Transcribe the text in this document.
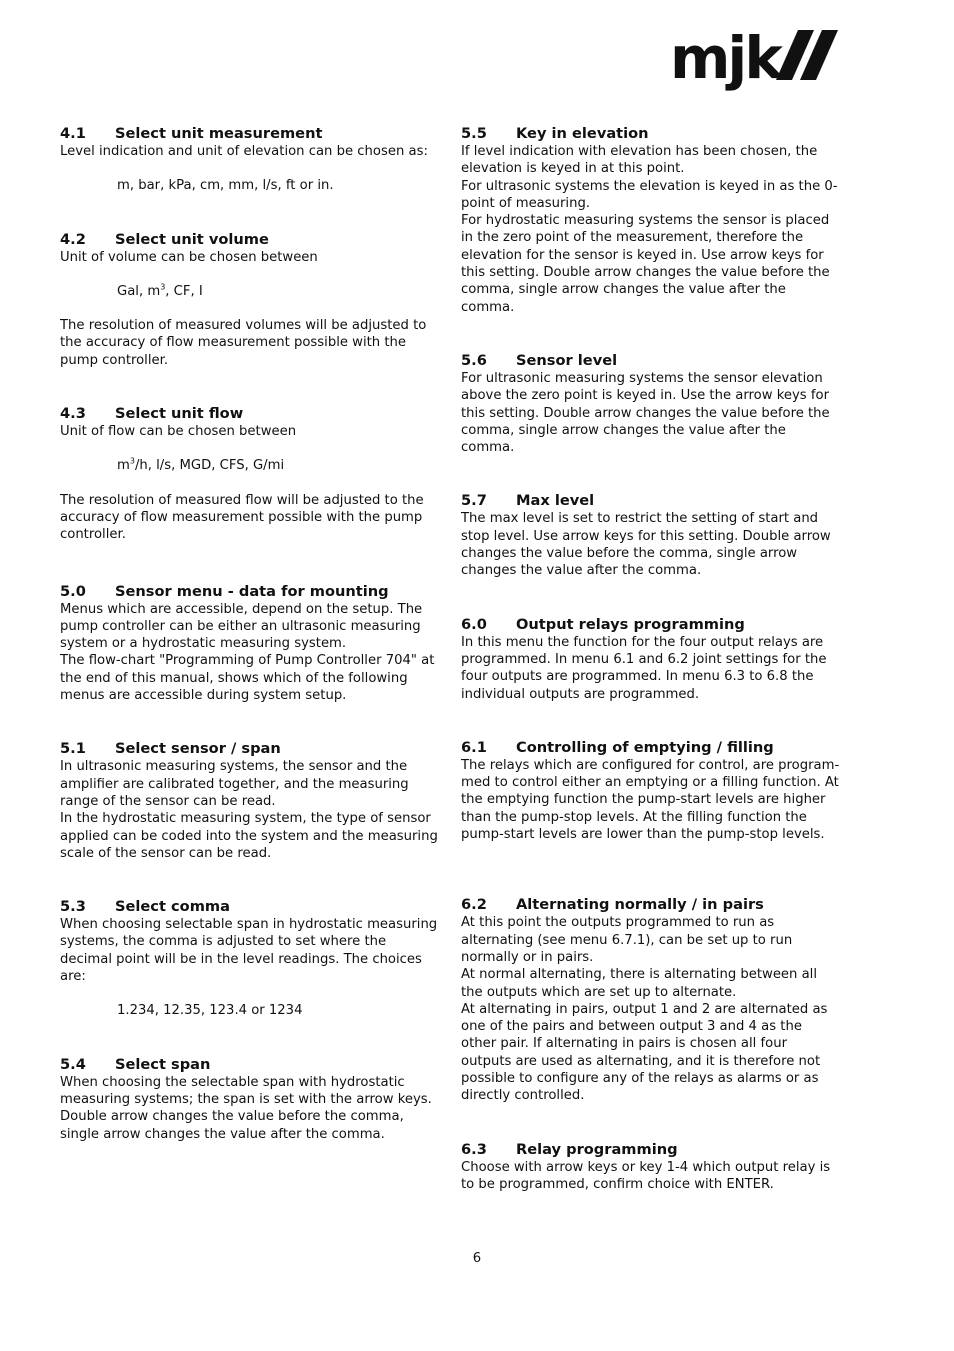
mjk
4.1	Select unit measurement

Level indication and unit of elevation can be chosen as:

m, bar, kPa, cm, mm, l/s, ft or in.

4.2	Select unit volume

Unit of volume can be chosen between

Gal, $m^3$, CF, I

The resolution of measured volumes will be adjusted to the accuracy of flow measurement possible with the pump controller.

4.3	Select unit flow

Unit of flow can be chosen between

$m^3/h$, l/s, MGD, CFS, G/mi

The resolution of measured flow will be adjusted to the accuracy of flow measurement possible with the pump controller.

5.0	Sensor menu - data for mounting

Menus which are accessible, depend on the setup. The pump controller can be either an ultrasonic measuring system or a hydrostatic measuring system.

The flow-chart "Programming of Pump Controller 704" at the end of this manual, shows which of the following menus are accessible during system setup.

5.1	Select sensor / span

In ultrasonic measuring systems, the sensor and the amplifier are calibrated together, and the measuring range of the sensor can be read.

In the hydrostatic measuring system, the type of sensor applied can be coded into the system and the measuring scale of the sensor can be read.

5.3	Select comma

When choosing selectable span in hydrostatic measuring systems, the comma is adjusted to set where the decimal point will be in the level readings. The choices are:

1.234, 12.35, 123.4 or 1234

5.4	Select span

When choosing the selectable span with hydrostatic measuring systems; the span is set with the arrow keys. Double arrow changes the value before the comma, single arrow changes the value after the comma.

5.5	Key in elevation

If level indication with elevation has been chosen, the elevation is keyed in at this point.

For ultrasonic systems the elevation is keyed in as the 0-point of measuring.

For hydrostatic measuring systems the sensor is placed in the zero point of the measurement, therefore the elevation for the sensor is keyed in. Use arrow keys for this setting. Double arrow changes the value before the comma, single arrow changes the value after the comma.

5.6	Sensor level

For ultrasonic measuring systems the sensor elevation above the zero point is keyed in. Use the arrow keys for this setting. Double arrow changes the value before the comma, single arrow changes the value after the comma.

5.7	Max level

The max level is set to restrict the setting of start and stop level. Use arrow keys for this setting. Double arrow changes the value before the comma, single arrow changes the value after the comma.

6.0	Output relays programming

In this menu the function for the four output relays are programmed. In menu 6.1 and 6.2 joint settings for the four outputs are programmed. In menu 6.3 to 6.8 the individual outputs are programmed.

6.1	Controlling of emptying / filling

The relays which are configured for control, are program-med to control either an emptying or a filling function. At the emptying function the pump-start levels are higher than the pump-stop levels. At the filling function the pump-start levels are lower than the pump-stop levels.

6.2	Alternating normally / in pairs

At this point the outputs programmed to run as alternating (see menu 6.7.1), can be set up to run normally or in pairs.

At normal alternating, there is alternating between all the outputs which are set up to alternate.

At alternating in pairs, output 1 and 2 are alternated as one of the pairs and between output 3 and 4 as the other pair. If alternating in pairs is chosen all four outputs are used as alternating, and it is therefore not possible to configure any of the relays as alarms or as directly controlled.

6.3	Relay programming

Choose with arrow keys or key 1-4 which output relay is to be programmed, confirm choice with ENTER.

6
